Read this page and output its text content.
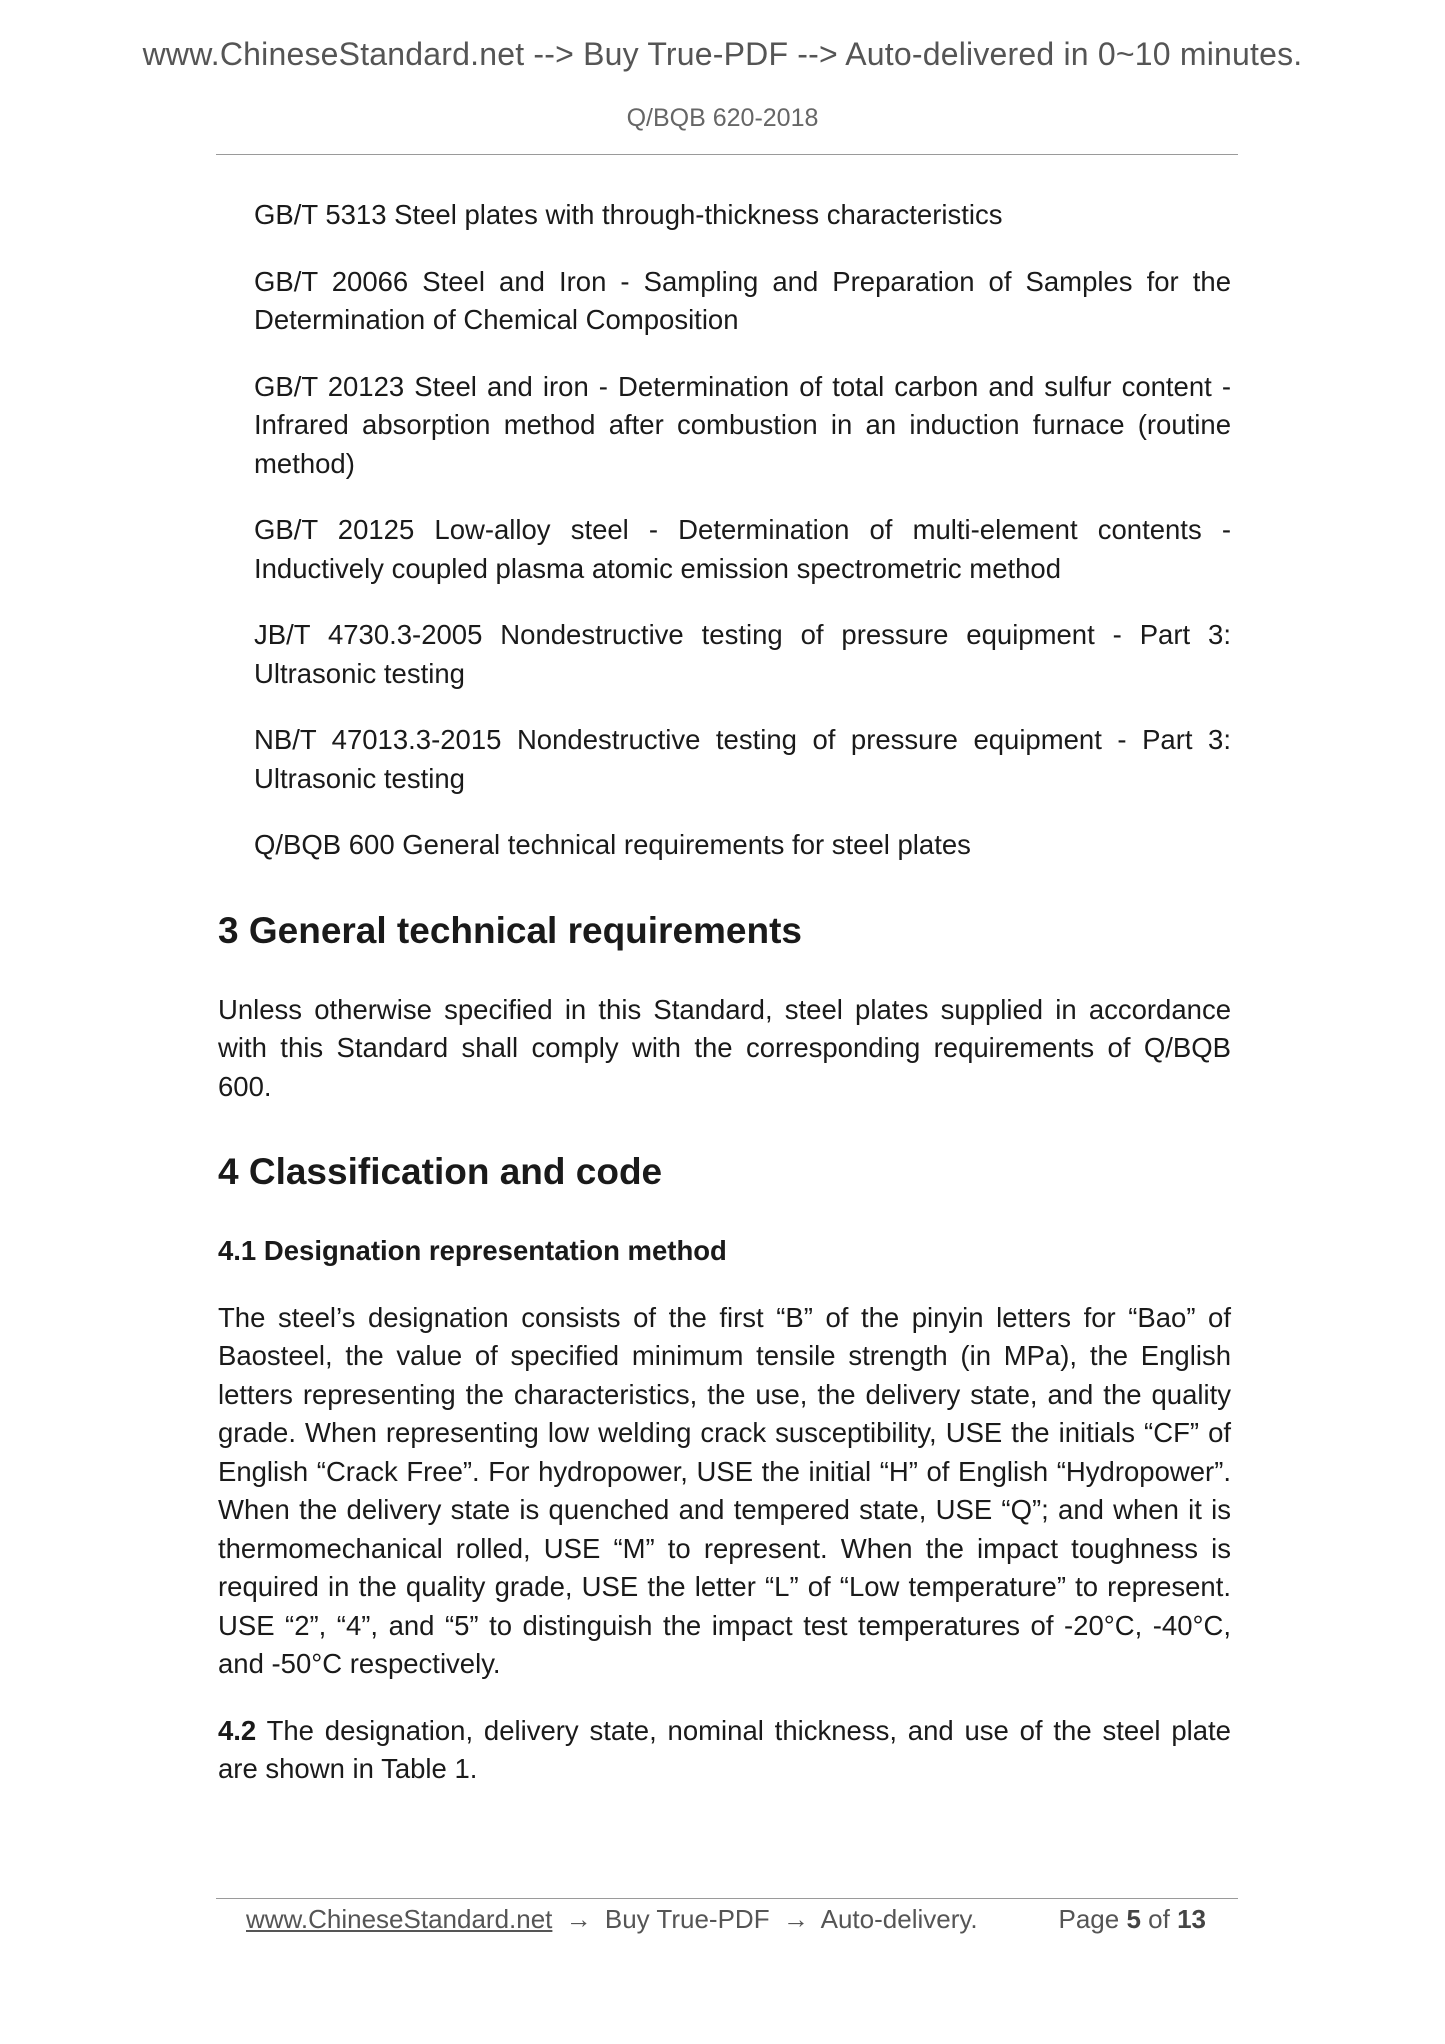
www.ChineseStandard.net --> Buy True-PDF --> Auto-delivered in 0~10 minutes.
Q/BQB 620-2018

GB/T 5313 Steel plates with through-thickness characteristics

GB/T 20066 Steel and Iron - Sampling and Preparation of Samples for the Determination of Chemical Composition

GB/T 20123 Steel and iron - Determination of total carbon and sulfur content - Infrared absorption method after combustion in an induction furnace (routine method)

GB/T 20125 Low-alloy steel - Determination of multi-element contents - Inductively coupled plasma atomic emission spectrometric method

JB/T 4730.3-2005 Nondestructive testing of pressure equipment - Part 3: Ultrasonic testing

NB/T 47013.3-2015 Nondestructive testing of pressure equipment - Part 3: Ultrasonic testing

Q/BQB 600 General technical requirements for steel plates

3 General technical requirements

Unless otherwise specified in this Standard, steel plates supplied in accordance with this Standard shall comply with the corresponding requirements of Q/BQB 600.

4 Classification and code
4.1 Designation representation method

The steel’s designation consists of the first “B” of the pinyin letters for “Bao” of Baosteel, the value of specified minimum tensile strength (in MPa), the English letters representing the characteristics, the use, the delivery state, and the quality grade. When representing low welding crack susceptibility, USE the initials “CF” of English “Crack Free”. For hydropower, USE the initial “H” of English “Hydropower”. When the delivery state is quenched and tempered state, USE “Q”; and when it is thermomechanical rolled, USE “M” to represent. When the impact toughness is required in the quality grade, USE the letter “L” of “Low temperature” to represent. USE “2”, “4”, and “5” to distinguish the impact test temperatures of -20°C, -40°C, and -50°C respectively.

4.2 The designation, delivery state, nominal thickness, and use of the steel plate are shown in Table 1.

www.ChineseStandard.net → Buy True-PDF → Auto-delivery.	Page 5 of 13
